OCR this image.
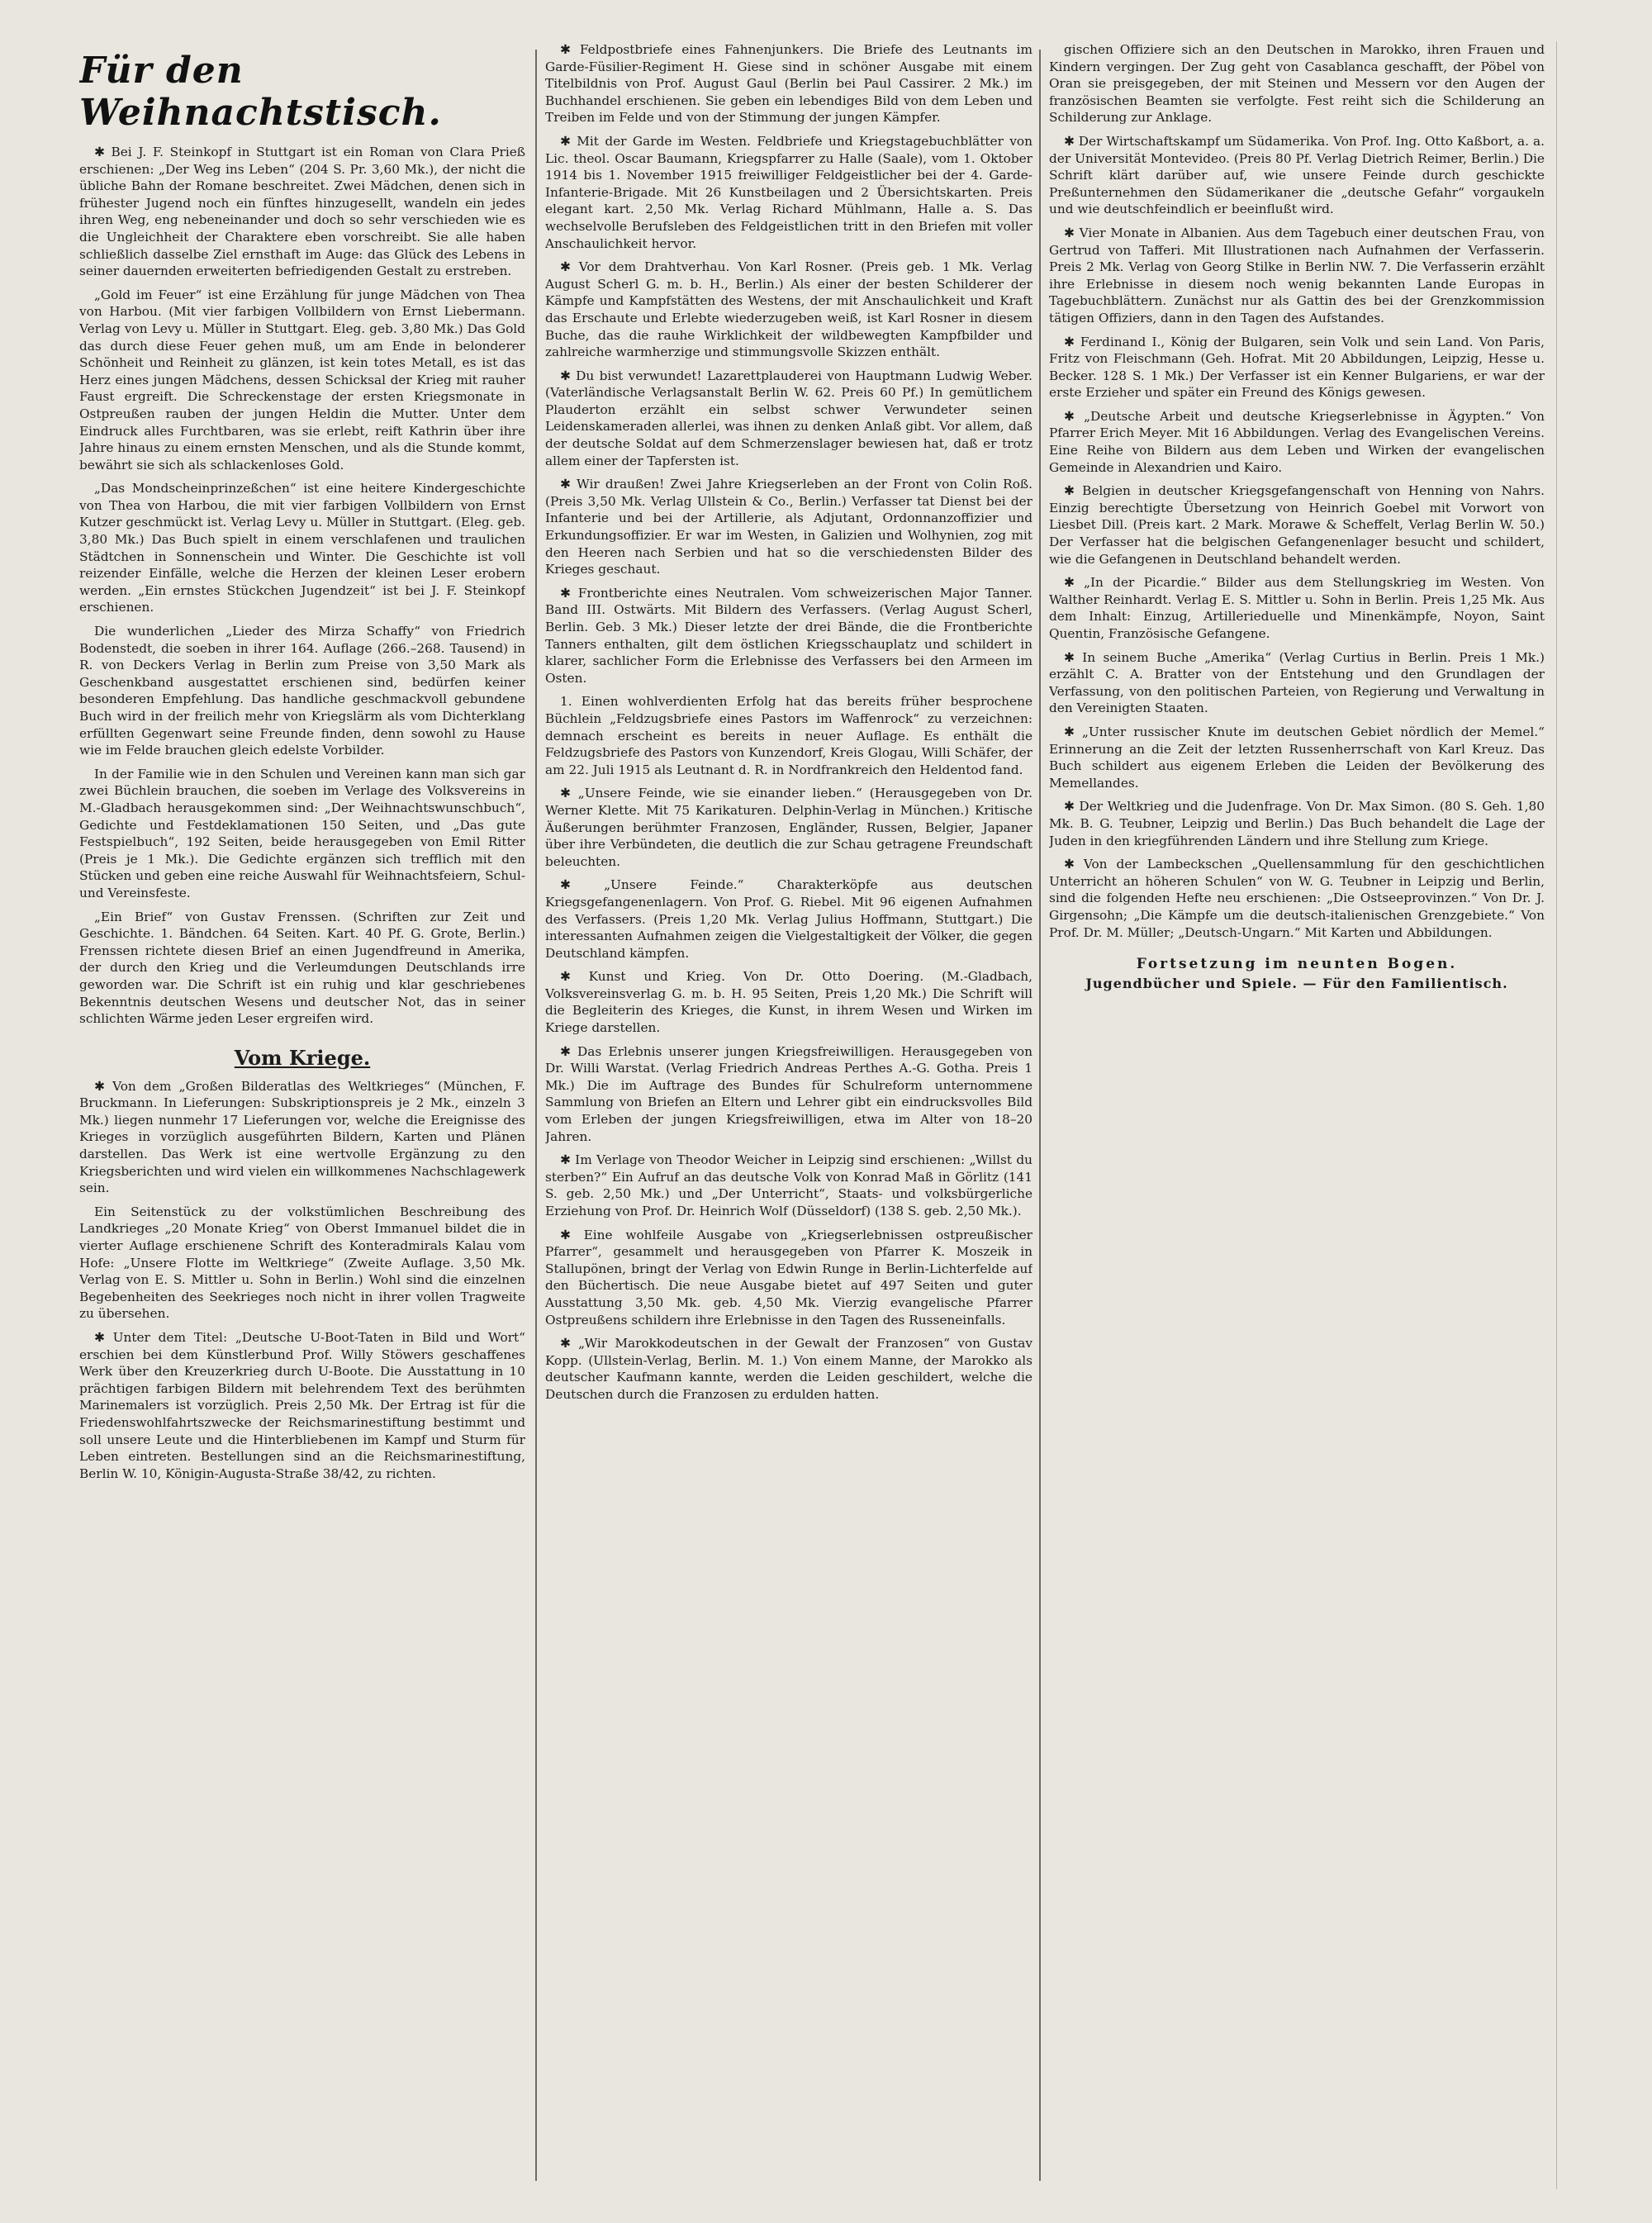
Für den Weihnachtstisch.

✱ Bei J. F. Steinkopf in Stuttgart ist ein Roman von Clara Prieß erschienen: „Der Weg ins Leben“ (204 S. Pr. 3,60 Mk.), der nicht die übliche Bahn der Romane beschreitet. Zwei Mädchen, denen sich in frühester Jugend noch ein fünftes hinzugesellt, wandeln ein jedes ihren Weg, eng nebeneinander und doch so sehr verschieden wie es die Ungleichheit der Charaktere eben vorschreibt. Sie alle haben schließlich dasselbe Ziel ernsthaft im Auge: das Glück des Lebens in seiner dauernden erweiterten befriedigenden Gestalt zu erstreben.

„Gold im Feuer“ ist eine Erzählung für junge Mädchen von Thea von Harbou. (Mit vier farbigen Vollbildern von Ernst Liebermann. Verlag von Levy u. Müller in Stuttgart. Eleg. geb. 3,80 Mk.) Das Gold das durch diese Feuer gehen muß, um am Ende in belonderer Schönheit und Reinheit zu glänzen, ist kein totes Metall, es ist das Herz eines jungen Mädchens, dessen Schicksal der Krieg mit rauher Faust ergreift. Die Schreckenstage der ersten Kriegsmonate in Ostpreußen rauben der jungen Heldin die Mutter. Unter dem Eindruck alles Furchtbaren, was sie erlebt, reift Kathrin über ihre Jahre hinaus zu einem ernsten Menschen, und als die Stunde kommt, bewährt sie sich als schlackenloses Gold.

„Das Mondscheinprinzeßchen“ ist eine heitere Kindergeschichte von Thea von Harbou, die mit vier farbigen Vollbildern von Ernst Kutzer geschmückt ist. Verlag Levy u. Müller in Stuttgart. (Eleg. geb. 3,80 Mk.) Das Buch spielt in einem verschlafenen und traulichen Städtchen in Sonnenschein und Winter. Die Geschichte ist voll reizender Einfälle, welche die Herzen der kleinen Leser erobern werden. „Ein ernstes Stückchen Jugendzeit“ ist bei J. F. Steinkopf erschienen.

Die wunderlichen „Lieder des Mirza Schaffy“ von Friedrich Bodenstedt, die soeben in ihrer 164. Auflage (266.–268. Tausend) in R. von Deckers Verlag in Berlin zum Preise von 3,50 Mark als Geschenkband ausgestattet erschienen sind, bedürfen keiner besonderen Empfehlung. Das handliche geschmackvoll gebundene Buch wird in der freilich mehr von Kriegslärm als vom Dichterklang erfüllten Gegenwart seine Freunde finden, denn sowohl zu Hause wie im Felde brauchen gleich edelste Vorbilder.

In der Familie wie in den Schulen und Vereinen kann man sich gar zwei Büchlein brauchen, die soeben im Verlage des Volksvereins in M.-Gladbach herausgekommen sind: „Der Weihnachtswunschbuch“, Gedichte und Festdeklamationen 150 Seiten, und „Das gute Festspielbuch“, 192 Seiten, beide herausgegeben von Emil Ritter (Preis je 1 Mk.). Die Gedichte ergänzen sich trefflich mit den Stücken und geben eine reiche Auswahl für Weihnachtsfeiern, Schul- und Vereinsfeste.

„Ein Brief“ von Gustav Frenssen. (Schriften zur Zeit und Geschichte. 1. Bändchen. 64 Seiten. Kart. 40 Pf. G. Grote, Berlin.) Frenssen richtete diesen Brief an einen Jugendfreund in Amerika, der durch den Krieg und die Verleumdungen Deutschlands irre geworden war. Die Schrift ist ein ruhig und klar geschriebenes Bekenntnis deutschen Wesens und deutscher Not, das in seiner schlichten Wärme jeden Leser ergreifen wird.

Vom Kriege.

✱ Von dem „Großen Bilderatlas des Weltkrieges“ (München, F. Bruckmann. In Lieferungen: Subskriptionspreis je 2 Mk., einzeln 3 Mk.) liegen nunmehr 17 Lieferungen vor, welche die Ereignisse des Krieges in vorzüglich ausgeführten Bildern, Karten und Plänen darstellen. Das Werk ist eine wertvolle Ergänzung zu den Kriegsberichten und wird vielen ein willkommenes Nachschlagewerk sein.

Ein Seitenstück zu der volkstümlichen Beschreibung des Landkrieges „20 Monate Krieg“ von Oberst Immanuel bildet die in vierter Auflage erschienene Schrift des Konteradmirals Kalau vom Hofe: „Unsere Flotte im Weltkriege“ (Zweite Auflage. 3,50 Mk. Verlag von E. S. Mittler u. Sohn in Berlin.) Wohl sind die einzelnen Begebenheiten des Seekrieges noch nicht in ihrer vollen Tragweite zu übersehen.

✱ Unter dem Titel: „Deutsche U-Boot-Taten in Bild und Wort“ erschien bei dem Künstlerbund Prof. Willy Stöwers geschaffenes Werk über den Kreuzerkrieg durch U-Boote. Die Ausstattung in 10 prächtigen farbigen Bildern mit belehrendem Text des berühmten Marinemalers ist vorzüglich. Preis 2,50 Mk. Der Ertrag ist für die Friedenswohlfahrtszwecke der Reichsmarinestiftung bestimmt und soll unsere Leute und die Hinterbliebenen im Kampf und Sturm für Leben eintreten. Bestellungen sind an die Reichsmarinestiftung, Berlin W. 10, Königin-Augusta-Straße 38/42, zu richten.

✱ Feldpostbriefe eines Fahnenjunkers. Die Briefe des Leutnants im Garde-Füsilier-Regiment H. Giese sind in schöner Ausgabe mit einem Titelbildnis von Prof. August Gaul (Berlin bei Paul Cassirer. 2 Mk.) im Buchhandel erschienen. Sie geben ein lebendiges Bild von dem Leben und Treiben im Felde und von der Stimmung der jungen Kämpfer.

✱ Mit der Garde im Westen. Feldbriefe und Kriegstagebuchblätter von Lic. theol. Oscar Baumann, Kriegspfarrer zu Halle (Saale), vom 1. Oktober 1914 bis 1. November 1915 freiwilliger Feldgeistlicher bei der 4. Garde-Infanterie-Brigade. Mit 26 Kunstbeilagen und 2 Übersichtskarten. Preis elegant kart. 2,50 Mk. Verlag Richard Mühlmann, Halle a. S. Das wechselvolle Berufsleben des Feldgeistlichen tritt in den Briefen mit voller Anschaulichkeit hervor.

✱ Vor dem Drahtverhau. Von Karl Rosner. (Preis geb. 1 Mk. Verlag August Scherl G. m. b. H., Berlin.) Als einer der besten Schilderer der Kämpfe und Kampfstätten des Westens, der mit Anschaulichkeit und Kraft das Erschaute und Erlebte wiederzugeben weiß, ist Karl Rosner in diesem Buche, das die rauhe Wirklichkeit der wildbewegten Kampfbilder und zahlreiche warmherzige und stimmungsvolle Skizzen enthält.

✱ Du bist verwundet! Lazarettplauderei von Hauptmann Ludwig Weber. (Vaterländische Verlagsanstalt Berlin W. 62. Preis 60 Pf.) In gemütlichem Plauderton erzählt ein selbst schwer Verwundeter seinen Leidenskameraden allerlei, was ihnen zu denken Anlaß gibt. Vor allem, daß der deutsche Soldat auf dem Schmerzenslager bewiesen hat, daß er trotz allem einer der Tapfersten ist.

✱ Wir draußen! Zwei Jahre Kriegserleben an der Front von Colin Roß. (Preis 3,50 Mk. Verlag Ullstein & Co., Berlin.) Verfasser tat Dienst bei der Infanterie und bei der Artillerie, als Adjutant, Ordonnanzoffizier und Erkundungsoffizier. Er war im Westen, in Galizien und Wolhynien, zog mit den Heeren nach Serbien und hat so die verschiedensten Bilder des Krieges geschaut.

✱ Frontberichte eines Neutralen. Vom schweizerischen Major Tanner. Band III. Ostwärts. Mit Bildern des Verfassers. (Verlag August Scherl, Berlin. Geb. 3 Mk.) Dieser letzte der drei Bände, die die Frontberichte Tanners enthalten, gilt dem östlichen Kriegsschauplatz und schildert in klarer, sachlicher Form die Erlebnisse des Verfassers bei den Armeen im Osten.

1. Einen wohlverdienten Erfolg hat das bereits früher besprochene Büchlein „Feldzugsbriefe eines Pastors im Waffenrock“ zu verzeichnen: demnach erscheint es bereits in neuer Auflage. Es enthält die Feldzugsbriefe des Pastors von Kunzendorf, Kreis Glogau, Willi Schäfer, der am 22. Juli 1915 als Leutnant d. R. in Nordfrankreich den Heldentod fand.

✱ „Unsere Feinde, wie sie einander lieben.“ (Herausgegeben von Dr. Werner Klette. Mit 75 Karikaturen. Delphin-Verlag in München.) Kritische Äußerungen berühmter Franzosen, Engländer, Russen, Belgier, Japaner über ihre Verbündeten, die deutlich die zur Schau getragene Freundschaft beleuchten.

✱ „Unsere Feinde.“ Charakterköpfe aus deutschen Kriegsgefangenenlagern. Von Prof. G. Riebel. Mit 96 eigenen Aufnahmen des Verfassers. (Preis 1,20 Mk. Verlag Julius Hoffmann, Stuttgart.) Die interessanten Aufnahmen zeigen die Vielgestaltigkeit der Völker, die gegen Deutschland kämpfen.

✱ Kunst und Krieg. Von Dr. Otto Doering. (M.-Gladbach, Volksvereinsverlag G. m. b. H. 95 Seiten, Preis 1,20 Mk.) Die Schrift will die Begleiterin des Krieges, die Kunst, in ihrem Wesen und Wirken im Kriege darstellen.

✱ Das Erlebnis unserer jungen Kriegsfreiwilligen. Herausgegeben von Dr. Willi Warstat. (Verlag Friedrich Andreas Perthes A.-G. Gotha. Preis 1 Mk.) Die im Auftrage des Bundes für Schulreform unternommene Sammlung von Briefen an Eltern und Lehrer gibt ein eindrucksvolles Bild vom Erleben der jungen Kriegsfreiwilligen, etwa im Alter von 18–20 Jahren.

✱ Im Verlage von Theodor Weicher in Leipzig sind erschienen: „Willst du sterben?“ Ein Aufruf an das deutsche Volk von Konrad Maß in Görlitz (141 S. geb. 2,50 Mk.) und „Der Unterricht“, Staats- und volksbürgerliche Erziehung von Prof. Dr. Heinrich Wolf (Düsseldorf) (138 S. geb. 2,50 Mk.).

✱ Eine wohlfeile Ausgabe von „Kriegserlebnissen ostpreußischer Pfarrer“, gesammelt und herausgegeben von Pfarrer K. Moszeik in Stallupönen, bringt der Verlag von Edwin Runge in Berlin-Lichterfelde auf den Büchertisch. Die neue Ausgabe bietet auf 497 Seiten und guter Ausstattung 3,50 Mk. geb. 4,50 Mk. Vierzig evangelische Pfarrer Ostpreußens schildern ihre Erlebnisse in den Tagen des Russeneinfalls.

✱ „Wir Marokkodeutschen in der Gewalt der Franzosen“ von Gustav Kopp. (Ullstein-Verlag, Berlin. M. 1.) Von einem Manne, der Marokko als deutscher Kaufmann kannte, werden die Leiden geschildert, welche die Deutschen durch die Franzosen zu erdulden hatten.

gischen Offiziere sich an den Deutschen in Marokko, ihren Frauen und Kindern vergingen. Der Zug geht von Casablanca geschafft, der Pöbel von Oran sie preisgegeben, der mit Steinen und Messern vor den Augen der französischen Beamten sie verfolgte. Fest reiht sich die Schilderung an Schilderung zur Anklage.

✱ Der Wirtschaftskampf um Südamerika. Von Prof. Ing. Otto Kaßbort, a. a. der Universität Montevideo. (Preis 80 Pf. Verlag Dietrich Reimer, Berlin.) Die Schrift klärt darüber auf, wie unsere Feinde durch geschickte Preßunternehmen den Südamerikaner die „deutsche Gefahr“ vorgaukeln und wie deutschfeindlich er beeinflußt wird.

✱ Vier Monate in Albanien. Aus dem Tagebuch einer deutschen Frau, von Gertrud von Tafferi. Mit Illustrationen nach Aufnahmen der Verfasserin. Preis 2 Mk. Verlag von Georg Stilke in Berlin NW. 7. Die Verfasserin erzählt ihre Erlebnisse in diesem noch wenig bekannten Lande Europas in Tagebuchblättern. Zunächst nur als Gattin des bei der Grenzkommission tätigen Offiziers, dann in den Tagen des Aufstandes.

✱ Ferdinand I., König der Bulgaren, sein Volk und sein Land. Von Paris, Fritz von Fleischmann (Geh. Hofrat. Mit 20 Abbildungen, Leipzig, Hesse u. Becker. 128 S. 1 Mk.) Der Verfasser ist ein Kenner Bulgariens, er war der erste Erzieher und später ein Freund des Königs gewesen.

✱ „Deutsche Arbeit und deutsche Kriegserlebnisse in Ägypten.“ Von Pfarrer Erich Meyer. Mit 16 Abbildungen. Verlag des Evangelischen Vereins. Eine Reihe von Bildern aus dem Leben und Wirken der evangelischen Gemeinde in Alexandrien und Kairo.

✱ Belgien in deutscher Kriegsgefangenschaft von Henning von Nahrs. Einzig berechtigte Übersetzung von Heinrich Goebel mit Vorwort von Liesbet Dill. (Preis kart. 2 Mark. Morawe & Scheffelt, Verlag Berlin W. 50.) Der Verfasser hat die belgischen Gefangenenlager besucht und schildert, wie die Gefangenen in Deutschland behandelt werden.

✱ „In der Picardie.“ Bilder aus dem Stellungskrieg im Westen. Von Walther Reinhardt. Verlag E. S. Mittler u. Sohn in Berlin. Preis 1,25 Mk. Aus dem Inhalt: Einzug, Artillerieduelle und Minenkämpfe, Noyon, Saint Quentin, Französische Gefangene.

✱ In seinem Buche „Amerika“ (Verlag Curtius in Berlin. Preis 1 Mk.) erzählt C. A. Bratter von der Entstehung und den Grundlagen der Verfassung, von den politischen Parteien, von Regierung und Verwaltung in den Vereinigten Staaten.

✱ „Unter russischer Knute im deutschen Gebiet nördlich der Memel.“ Erinnerung an die Zeit der letzten Russenherrschaft von Karl Kreuz. Das Buch schildert aus eigenem Erleben die Leiden der Bevölkerung des Memellandes.

✱ Der Weltkrieg und die Judenfrage. Von Dr. Max Simon. (80 S. Geh. 1,80 Mk. B. G. Teubner, Leipzig und Berlin.) Das Buch behandelt die Lage der Juden in den kriegführenden Ländern und ihre Stellung zum Kriege.

✱ Von der Lambeckschen „Quellensammlung für den geschichtlichen Unterricht an höheren Schulen“ von W. G. Teubner in Leipzig und Berlin, sind die folgenden Hefte neu erschienen: „Die Ostseeprovinzen.“ Von Dr. J. Girgensohn; „Die Kämpfe um die deutsch-italienischen Grenzgebiete.“ Von Prof. Dr. M. Müller; „Deutsch-Ungarn.“ Mit Karten und Abbildungen.

Fortsetzung im neunten Bogen.
Jugendbücher und Spiele. — Für den Familientisch.
